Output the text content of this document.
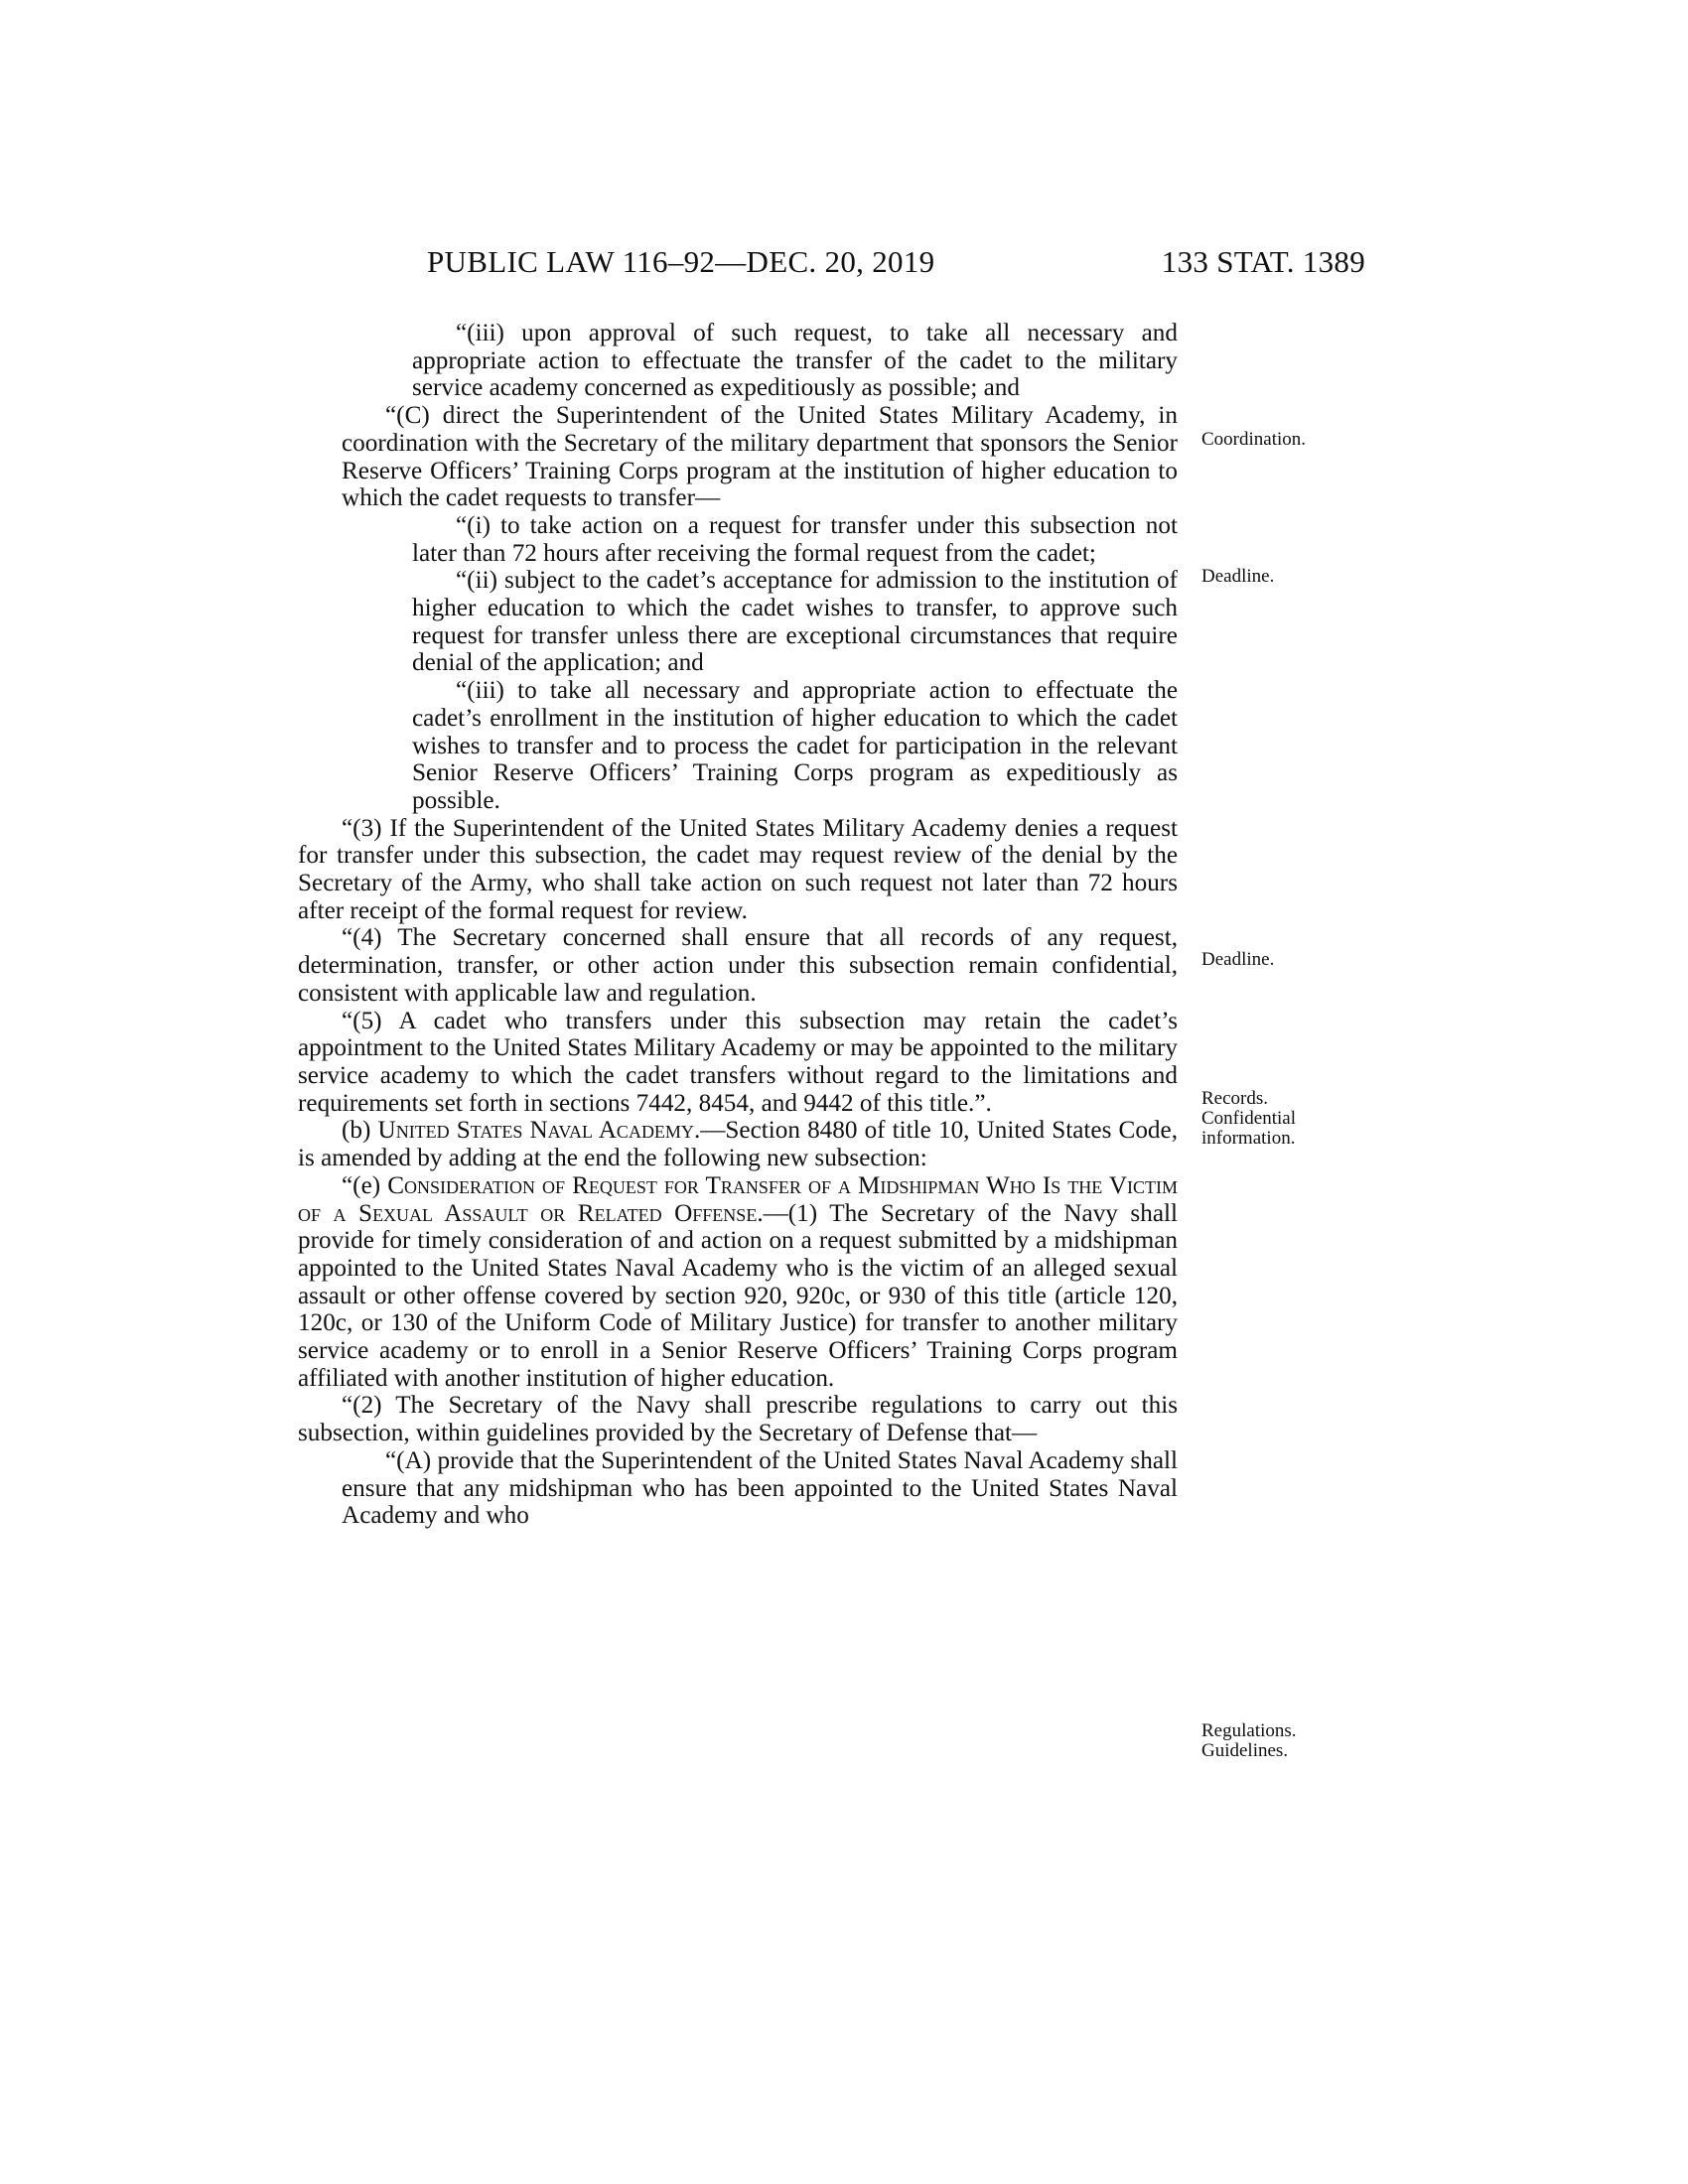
PUBLIC LAW 116–92—DEC. 20, 2019	133 STAT. 1389

“(iii) upon approval of such request, to take all necessary and appropriate action to effectuate the transfer of the cadet to the military service academy concerned as expeditiously as possible; and

“(C) direct the Superintendent of the United States Military Academy, in coordination with the Secretary of the military department that sponsors the Senior Reserve Officers’ Training Corps program at the institution of higher education to which the cadet requests to transfer—

“(i) to take action on a request for transfer under this subsection not later than 72 hours after receiving the formal request from the cadet;

“(ii) subject to the cadet’s acceptance for admission to the institution of higher education to which the cadet wishes to transfer, to approve such request for transfer unless there are exceptional circumstances that require denial of the application; and

“(iii) to take all necessary and appropriate action to effectuate the cadet’s enrollment in the institution of higher education to which the cadet wishes to transfer and to process the cadet for participation in the relevant Senior Reserve Officers’ Training Corps program as expeditiously as possible.

“(3) If the Superintendent of the United States Military Academy denies a request for transfer under this subsection, the cadet may request review of the denial by the Secretary of the Army, who shall take action on such request not later than 72 hours after receipt of the formal request for review.

“(4) The Secretary concerned shall ensure that all records of any request, determination, transfer, or other action under this subsection remain confidential, consistent with applicable law and regulation.

“(5) A cadet who transfers under this subsection may retain the cadet’s appointment to the United States Military Academy or may be appointed to the military service academy to which the cadet transfers without regard to the limitations and requirements set forth in sections 7442, 8454, and 9442 of this title.”.

(b) United States Naval Academy.—Section 8480 of title 10, United States Code, is amended by adding at the end the following new subsection:

“(e) Consideration of Request for Transfer of a Midshipman Who Is the Victim of a Sexual Assault or Related Offense.—(1) The Secretary of the Navy shall provide for timely consideration of and action on a request submitted by a midshipman appointed to the United States Naval Academy who is the victim of an alleged sexual assault or other offense covered by section 920, 920c, or 930 of this title (article 120, 120c, or 130 of the Uniform Code of Military Justice) for transfer to another military service academy or to enroll in a Senior Reserve Officers’ Training Corps program affiliated with another institution of higher education.

“(2) The Secretary of the Navy shall prescribe regulations to carry out this subsection, within guidelines provided by the Secretary of Defense that—

“(A) provide that the Superintendent of the United States Naval Academy shall ensure that any midshipman who has been appointed to the United States Naval Academy and who

Coordination.
Deadline.
Deadline.
Records.
Confidential
information.
Regulations.
Guidelines.
